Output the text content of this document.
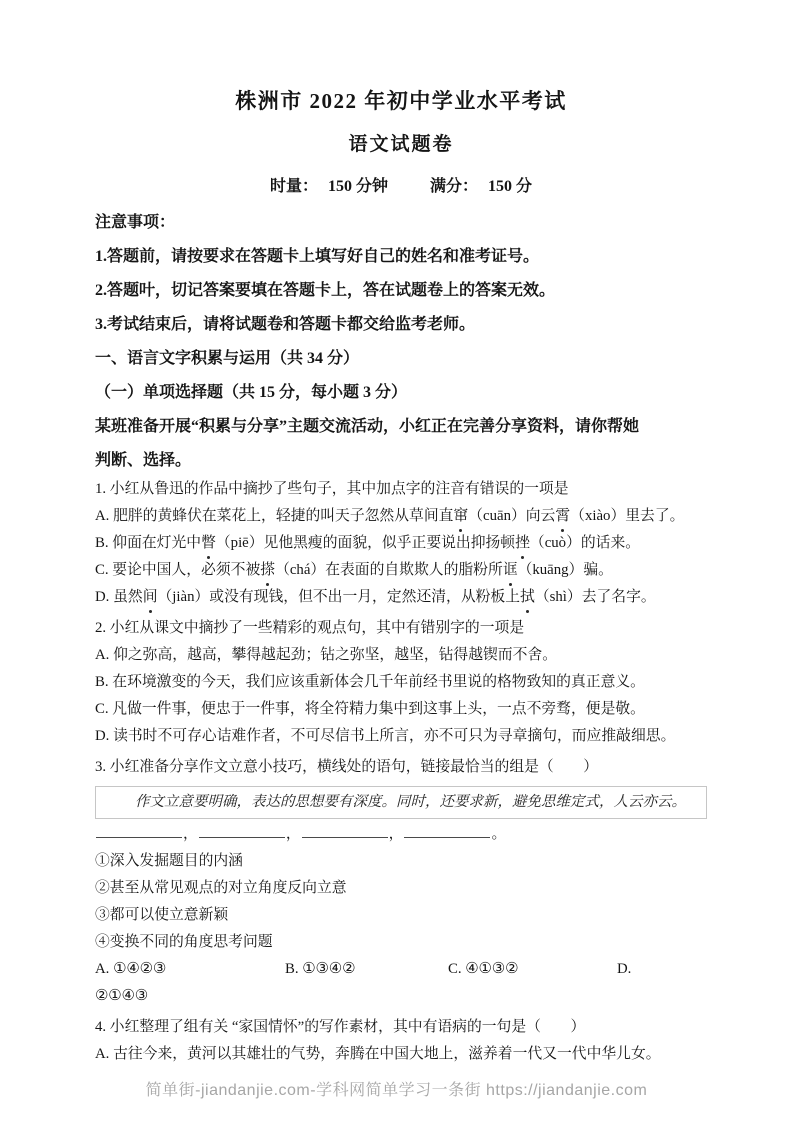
株洲市 2022 年初中学业水平考试
语文试题卷
时量： 150 分钟	满分： 150 分
注意事项：
1.答题前，请按要求在答题卡上填写好自己的姓名和准考证号。
2.答题叶，切记答案要填在答题卡上，答在试题卷上的答案无效。
3.考试结束后，请将试题卷和答题卡都交给监考老师。
一、语言文字积累与运用（共 34 分）
（一）单项选择题（共 15 分，每小题 3 分）
某班准备开展“积累与分享”主题交流活动，小红正在完善分享资料，请你帮她
判断、选择。
1. 小红从鲁迅的作品中摘抄了些句子，其中加点字的注音有错误的一项是
A. 肥胖的黄蜂伏在菜花上，轻捷的叫天子忽然从草间直窜（cuān）向云霄（xiào）里去了。
B. 仰面在灯光中瞥（piē）见他黑瘦的面貌，似乎正要说出抑扬顿挫（cuò）的话来。
C. 要论中国人，必须不被搽（chá）在表面的自欺欺人的脂粉所诓（kuāng）骗。
D. 虽然间（jiàn）或没有现钱，但不出一月，定然还清，从粉板上拭（shì）去了名字。
2. 小红从课文中摘抄了一些精彩的观点句，其中有错别字的一项是
A. 仰之弥高，越高，攀得越起劲；钻之弥坚，越坚，钻得越锲而不舍。
B. 在环境激变的今天，我们应该重新体会几千年前经书里说的格物致知的真正意义。
C. 凡做一件事，便忠于一件事，将全符精力集中到这事上头，一点不旁骛，便是敬。
D. 读书时不可存心诘难作者，不可尽信书上所言，亦不可只为寻章摘句，而应推敲细思。
3. 小红准备分享作文立意小技巧，横线处的语句，链接最恰当的组是（　　）
作文立意要明确，表达的思想要有深度。同时，还要求新，避免思维定式，人云亦云。
，	，	，	。
①深入发掘题目的内涵
②甚至从常见观点的对立角度反向立意
③都可以使立意新颖
④变换不同的角度思考问题
A. ①④②③	B. ①③④②	C. ④①③②	D.
②①④③
4. 小红整理了组有关 “家国情怀”的写作素材，其中有语病的一句是（　　）
A. 古往今来，黄河以其雄壮的气势，奔腾在中国大地上，滋养着一代又一代中华儿女。
简单街-jiandanjie.com-学科网简单学习一条街 https://jiandanjie.com
